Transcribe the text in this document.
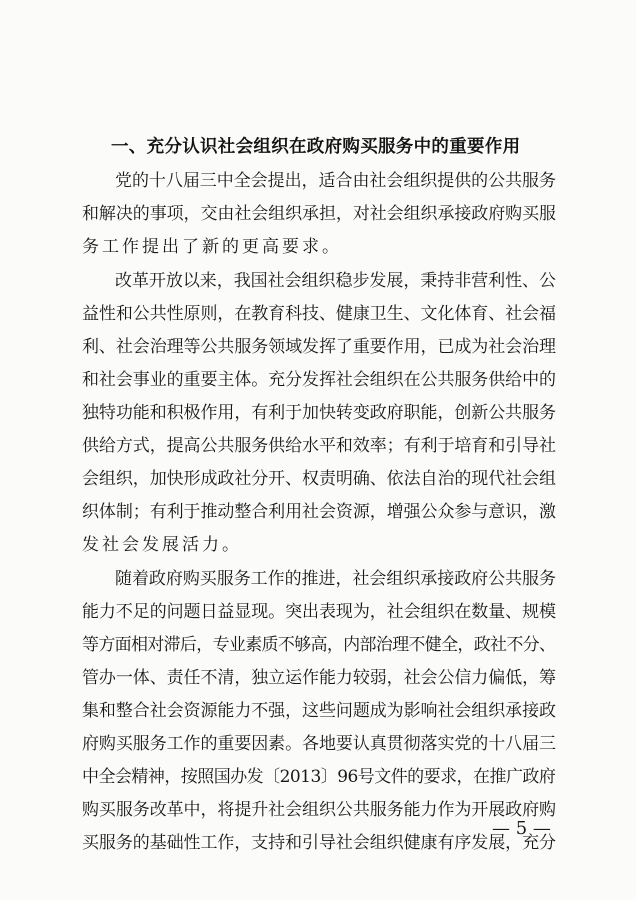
一、充分认识社会组织在政府购买服务中的重要作用
党的十八届三中全会提出，适合由社会组织提供的公共服务
和解决的事项，交由社会组织承担，对社会组织承接政府购买服
务工作提出了新的更高要求。
改革开放以来，我国社会组织稳步发展，秉持非营利性、公
益性和公共性原则，在教育科技、健康卫生、文化体育、社会福
利、社会治理等公共服务领域发挥了重要作用，已成为社会治理
和社会事业的重要主体。充分发挥社会组织在公共服务供给中的
独特功能和积极作用，有利于加快转变政府职能，创新公共服务
供给方式，提高公共服务供给水平和效率；有利于培育和引导社
会组织，加快形成政社分开、权责明确、依法自治的现代社会组
织体制；有利于推动整合利用社会资源，增强公众参与意识，激
发社会发展活力。
随着政府购买服务工作的推进，社会组织承接政府公共服务
能力不足的问题日益显现。突出表现为，社会组织在数量、规模
等方面相对滞后，专业素质不够高，内部治理不健全，政社不分、
管办一体、责任不清，独立运作能力较弱，社会公信力偏低，筹
集和整合社会资源能力不强，这些问题成为影响社会组织承接政
府购买服务工作的重要因素。各地要认真贯彻落实党的十八届三
中全会精神，按照国办发〔2013〕96号文件的要求，在推广政府
购买服务改革中，将提升社会组织公共服务能力作为开展政府购
买服务的基础性工作，支持和引导社会组织健康有序发展，充分
— 5 —
